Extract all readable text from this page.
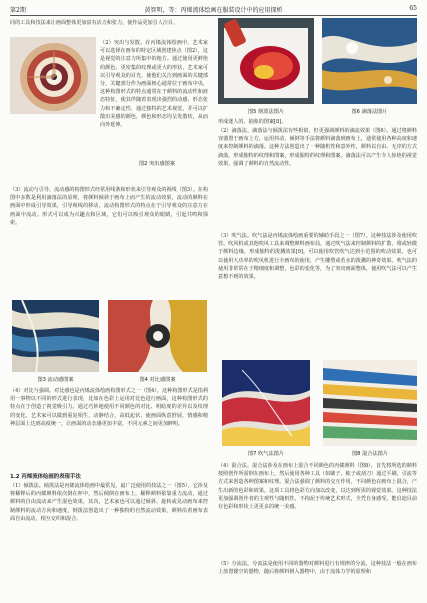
第2期	黄智明，等：丙烯流体绘画在服装设计中的应用探析	65

同的工具和技法来让画面整体更加富有活力和张力，使作品更加引人注目。

图2 突出感图案

（2）突出与发散。在丙烯流体绘画中，艺术家可以选择在画布的特定区域创建焦点（图2），这是视觉的注意力所集中的地方。通过使用更鲜艳的颜色、更密集的纹理或更大的形状，艺术家可以引导观众的目光，使他们关注到画面的关键部分。关键部分作为画面核心通常位于画布中央，这种构图形式的特点通常在于颜料的流动性和液态特征，使其伴随着表现出强烈的动感，形态张力和不确定性，通过独特的艺术视觉，并可以扩散出美感的颜色，颜色和形态均呈发散状，从而向外延伸。

（3）流动与引导。流动感的构图形式经常用线条和形状来引导观众的视线（图3）。在构图中多数是利用滴落法的原理，将颜料倾斜于画布上而产生的流动效果，流动的颜料在画面中形成引导效果，引导视线的移动。流动构图形式的特点在于引导观众的注意力在画面中流动。形式可以成为兴趣点和区域，它们可以吸引观众的眼睛，引起共鸣和探索。

图3 流动感图案	图4 对比感图案

（4）对比与强调。对比感也是丙烯流体绘画构图形式之一（图4），这种构图形式是指利用一事物以不同的形式进行表现，比如在色彩上运用对比色进行画面，这种构图形式的特点在于创造了视觉吸引力。通过巧妙地使用不同颜色的对比、明暗度的差异以及纹理的变化，艺术家可以做到重复相生，动静结合，高低起伏，使画面纵意舒展、情感和精神层面上达到高度统一，让画面的动态感更加丰富，不同元素之间更加鲜明。

1.2 丙烯流体绘画的表现手法

（1）倾泼法。倾泼法是丙烯流体绘画中最常见、最广泛使用的技法之一（图5）。它涉及将稀释后的丙烯颜料依次倒在杯中，然后倾倒在画布上，稀释颜料依靠重力流动，通过颜料的自由流动来产生混色效果，其次，艺术家也可以通过倾斜、旋转或晃动画布来控制颜料的流动方向和速度，倒泼法创造出了一种独特的自然流动效果，颜料沿着画布表面自由流动，相互交织和混合。

图5 倒泼法图片	图6 滴落法图片

形成迷人的、抽象的图案[8]。

（2）滴落法。滴落法与倾泼法有些相似，但更强调颜料的滴流效果（图6）。通过将颜料容器置于画布上方，运用抖动、倾倒等手法将颜料滴落到画布上，通常使用各种高度和速度来控制颜料的滴落。这种方法创造出了一种随机性和意外性，颜料以自由、无序的方式滴落，形成独特的纹理和图案，形成独特的纹理和图案。滴落法可以产生令人惊艳的视觉效果，强调了颜料的自然流动性。

（3）吹气法。吹气法是丙烯流体绘画重要的辅助手段之一（图7）。这种技法涉及使用吹管、吹风机或其他吹风工具来调整颜料画布局，通过吹气法来控制颜料的扩散，将或轻微于颜料边缘，形成独特的泼溅效果[9]。可以使用吹管吹气达到小范围的吹动效果，也可以使用大功率的吹风机进行全画布的使用，产生雕塑或若水的泼溅的神奇效果。吹气法的使用非常常在于精细度和调整，色彩的变化等，为了突出画面整体，使用吹气法可以产生意想不到的效果。

图7 吹气法图片	图8 混合法图片

（4）混合法。混合法涉及在画布上混合不同颜色的丙烯颜料（图8），首先将所选的颜料按照创作所需倒在画布上，然后使用各种工具（如刷子、梳子或刮刀）通过平刷、引流等方式来创造各种图案和纹理。混合法强调了颜料的交互作用，不同颜色在画布上混合，产生出新的色彩和效果。这项工具将色彩方向加以改变，以达到所需的视觉效果。这种技法更加强调创作者的主观性与随机性，不拘泥于传统艺术形式，全凭自身感受，能启迪目前在色彩和形状上更更多的统一美感。

（5）分流法。分流法是使用不同的器物对颜料进行有规律的分流，这种技法一般在画布上放置镂空的器物，随后将颜料倒入器物中，由于流体力学的原理和
